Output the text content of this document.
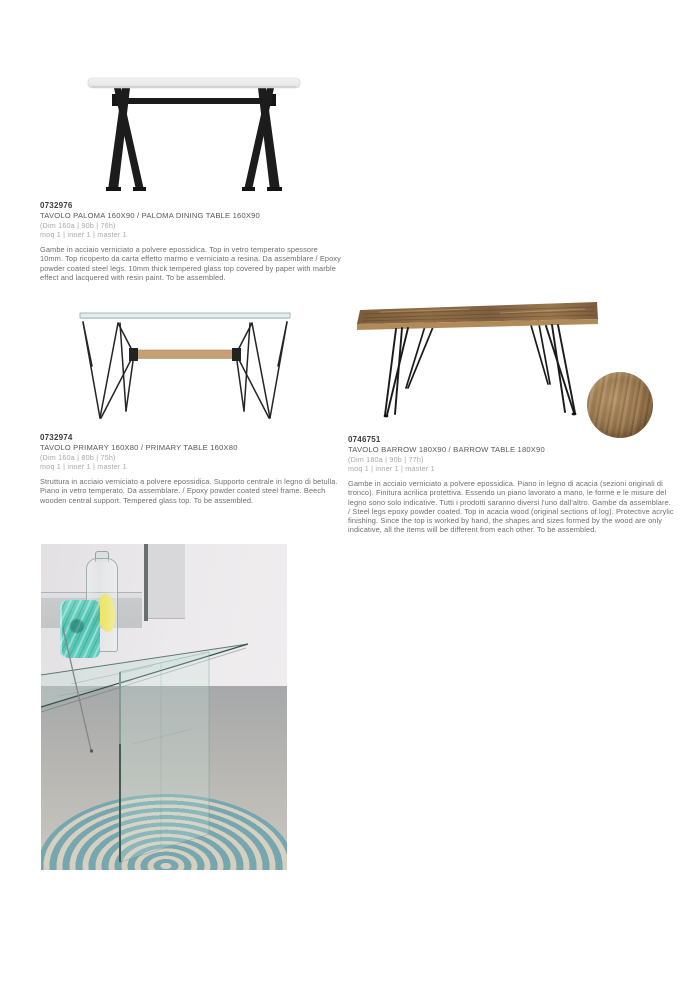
0732976
TAVOLO PALOMA 160X90 / PALOMA DINING TABLE 160X90
(Dim 160a | 90b | 76h)
moq 1 | inner 1 | master 1
Gambe in acciaio verniciato a polvere epossidica. Top in vetro temperato spessore 10mm. Top ricoperto da carta effetto marmo e verniciato a resina. Da assemblare / Epoxy powder coated steel legs. 10mm thick tempered glass top covered by paper with marble effect and lacquered with resin paint. To be assembled.
0732974
TAVOLO PRIMARY 160X80 / PRIMARY TABLE 160X80
(Dim 160a | 80b | 75h)
moq 1 | inner 1 | master 1
Struttura in acciaio verniciato a polvere epossidica. Supporto centrale in legno di betulla. Piano in vetro temperato. Da assemblare. / Epoxy powder coated steel frame. Beech wooden central support. Tempered glass top. To be assembled.
0746751
TAVOLO BARROW 180X90 / BARROW TABLE 180X90
(Dim 180a | 90b | 77h)
moq 1 | inner 1 | master 1
Gambe in acciaio verniciato a polvere epossidica. Piano in legno di acacia (sezioni originali di tronco). Finitura acrilica protettiva. Essendo un piano lavorato a mano, le forme e le misure del legno sono solo indicative. Tutti i prodotti saranno diversi l'uno dall'altro. Gambe da assemblare. / Steel legs epoxy powder coated. Top in acacia wood (original sections of log). Protective acrylic finishing. Since the top is worked by hand, the shapes and sizes formed by the wood are only indicative, all the items will be different from each other. To be assembled.
